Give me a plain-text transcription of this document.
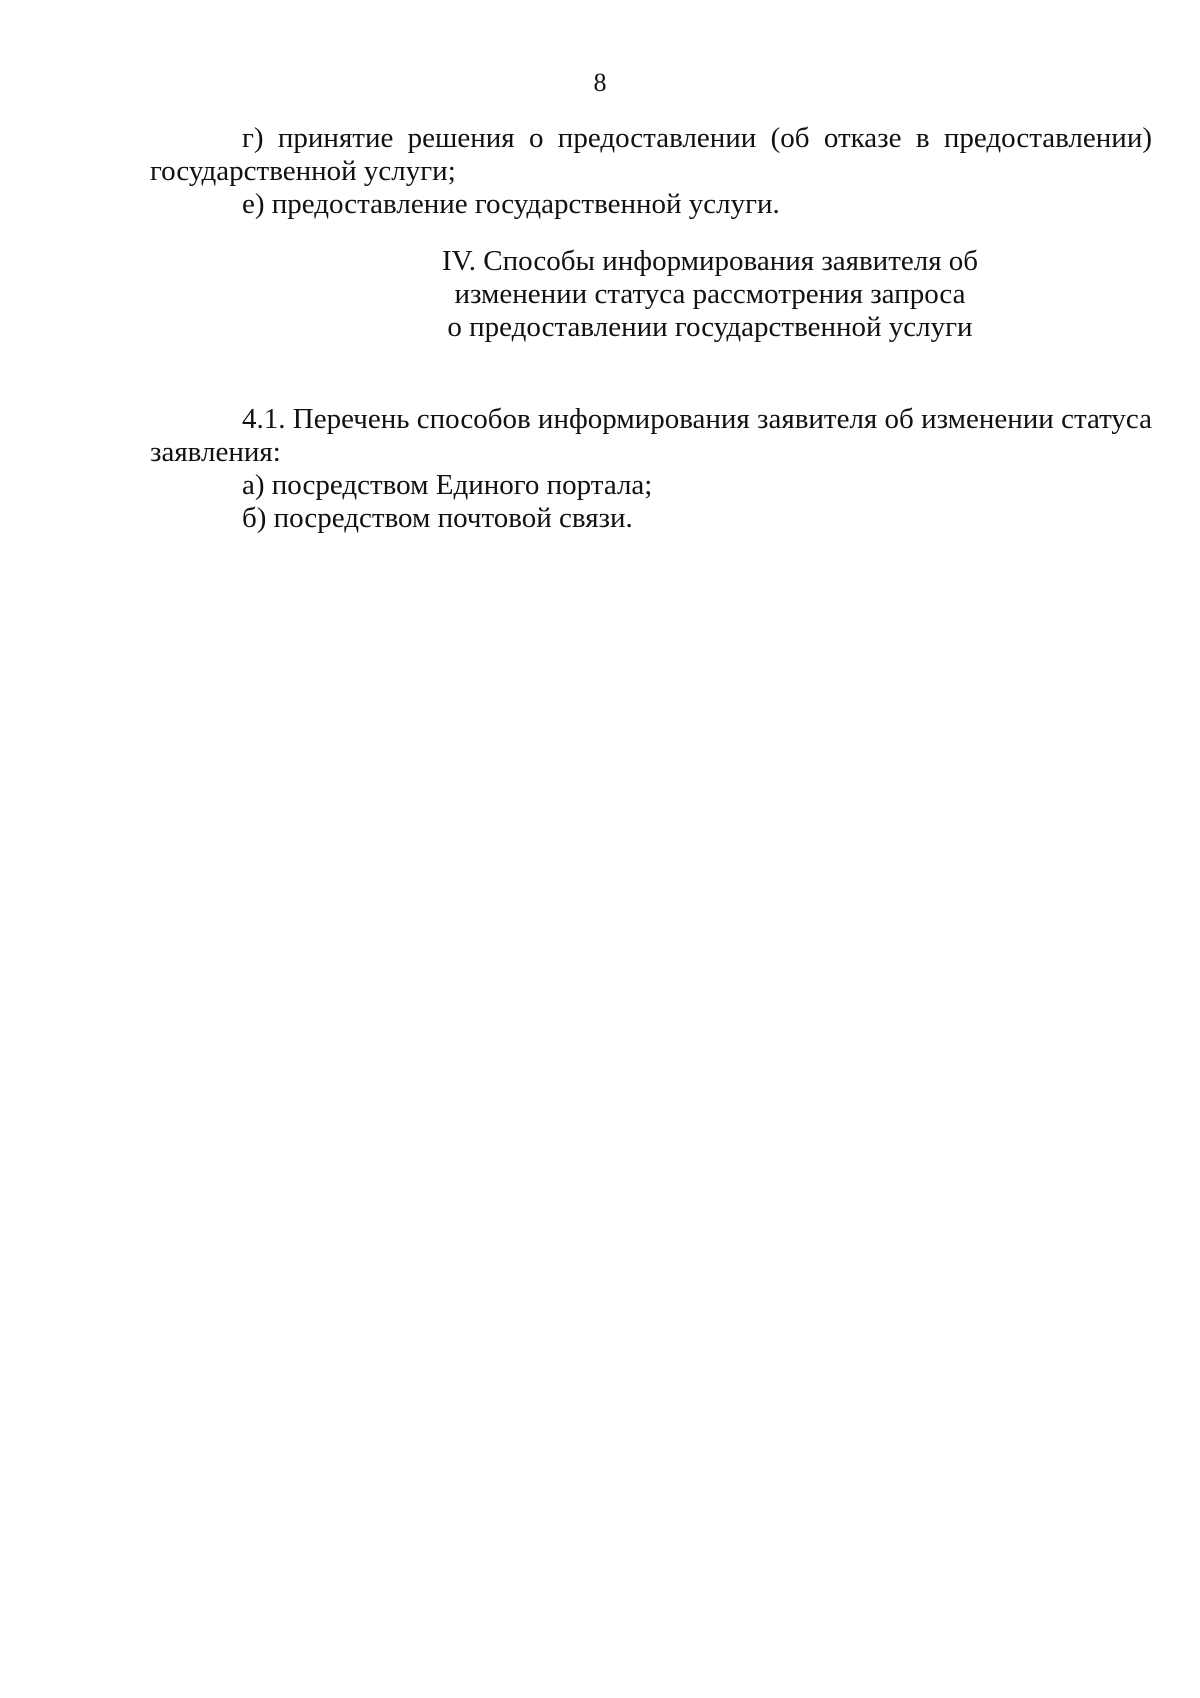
8

г) принятие решения о предоставлении (об отказе в предоставлении) государственной услуги;

е) предоставление государственной услуги.

IV. Способы информирования заявителя об
изменении статуса рассмотрения запроса
о предоставлении государственной услуги

4.1. Перечень способов информирования заявителя об изменении статуса заявления:

а) посредством Единого портала;

б) посредством почтовой связи.
